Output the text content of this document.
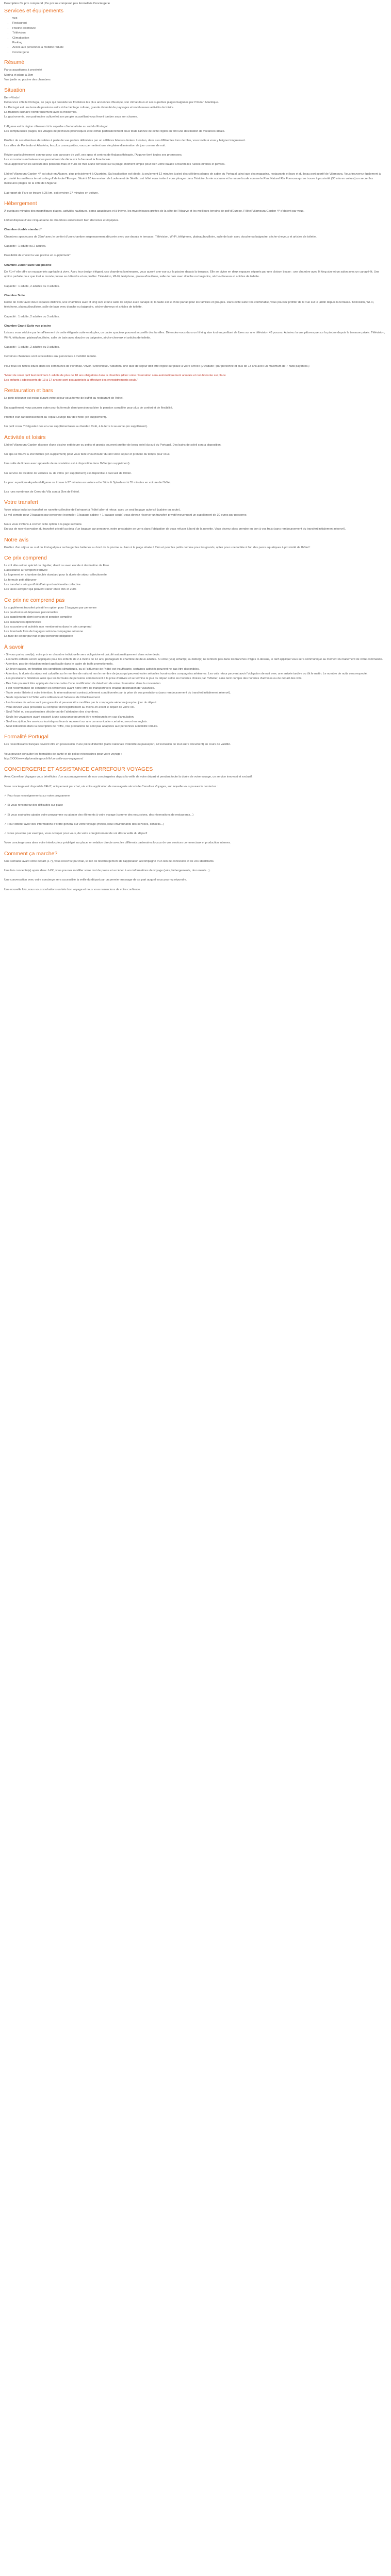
Description Ce prix comprend | Ce prix ne comprend pas Formalités Conciergerie
Services et équipements
• Wifi
• Restaurant
• Piscine extérieure
• Télévision
• Climatisation
• Parking
• Accès aux personnes à mobilité réduite
• Conciergerie
Résumé

Parcs aquatiques à proximité
Marina et plage à 2km
Vue jardin ou piscine des chambres

Situation

Bem-Vindo !
Découvrez côte le Portugal, ce pays qui possède les frontières les plus anciennes d'Europe, son climat doux et ses superbes plages baignées par l'Océan Atlantique.
Le Portugal est une terre de passions entre riche héritage culturel, grande diversité de paysages et nombreuses activités de loisirs.
La tradition culinaire nombreusement avec la modernité.
La gastronomie, son patrimoine culturel et son peuple accueillant vous feront tomber sous son charme.

L'Algarve est la région ciblesront à la superbe côte localisée au sud du Portugal.
Les somptueuses plages, les villages de pêcheurs pittoresques et le climat particulièrement doux toute l'année de cette région en font une destination de vacances idéale.

Profitez de ses étendues de sables à perte de vue parfois délimitées par un célèbres falaises dorées. L'océan, dans ses différentes tons de bleu, vous invite à vous y baigner longuement.
Les villes de Portimão et Albufeira, les plus cosmopolites, vous permettent une vie plaine d'animation de jour comme de nuit.

Région particulièrement connue pour son parcours de golf, ses spas et centres de thalassothérapie, l'Algarve tient toutes ses promesses.
Les excursions en bateau vous permettront de découvrir la faune et la flore locale.
Vous apprécierez les saveurs des poissons frais et fruits de mer à une terrasse sur la plage, moment simple pour bien votre balade à travers les ruelles étroites et pavées.

L'hôtel Vilamoura Garden 4* est situé en Algarve, plus précisément à Quarteira. Sa localisation est idéale, à seulement 12 minutes à pied des célèbres plages de sable du Portugal, ainsi que des magasins, restaurants et bars et du beau port sportif de Vilamoura. Vous trouverez également à proximité les meilleurs terrains de golf de toute l'Europe. Situé à 20 km environ de Loulene et de Séville, cet hôtel vous invite à vous plonger dans l'histoire, la vie nocturne et la nature locale comme le Parc Naturel Ria Formosa qui se trouve à proximité (30 min en voiture) un secret les meilleures plages de la côte de l'Algarve.

L'aéroport de Faro se trouve à 25 km, soit environ 27 minutes en voiture.

Hébergement

À quelques minutes des magnifiques plages, activités nautiques, parcs aquatiques et à thème, les mystérieuses grottes de la côte de l'Algarve et les meilleurs terrains de golf d'Europe, l'Hôtel Vilamoura Garden 4* s'obtient par vous.

L'hôtel dispose d'une cinquantaine de chambres entièrement bien décorées et équipées.

Chambre double standard*

Chambres spacieuses de 28m² avec le confort d'une chambre soigneusement décorée avec vue depuis le terrasse. Télévision, Wi-Fi, téléphone, plateau/bouilloire, salle de bain avec douche ou baignoire, sèche-cheveux et articles de toilette.

Capacité : 1 adulte ou 2 adultes.

Possibilité de choisir la vue piscine en supplément*

Chambre Junior Suite vue piscine

De 41m² elle offre un espace très agréable à vivre. Avec leur design élégant, ces chambres lumineuses, vous auront une vue sur la piscine depuis la terrasse. Elle se divise en deux espaces séparés par une cloison basse : une chambre avec lit king size et un salon avec un canapé-lit. Une option parfaite pour que tout le monde puisse se détendre et en profiter. Télévision, Wi-Fi, téléphone, plateau/bouilloire, salle de bain avec douche ou baignoire, sèche-cheveux et articles de toilette.

Capacité : 1 adulte, 2 adultes ou 3 adultes.

Chambre Suite

Dotée de 40m² avec deux espaces distincts, une chambres avec lit king size et une salle de séjour avec canapé-lit, la Suite est le choix parfait pour les familles et groupes. Dans cette suite très confortable, vous pourrez profiter de le vue sur le jardin depuis la terrasse. Télévision, Wi-Fi, téléphone, plateau/bouilloire, salle de bain avec douche ou baignoire, sèche-cheveux et articles de toilette.

Capacité : 1 adulte, 2 adultes ou 3 adultes.

Chambre Grand Suite vue piscine

Laissez vous séduire par le raffinement de cette élégante suite en duplex, un cadre spacieux pouvant accueillir des familles. Détendez-vous dans un lit king size tout en profitant de lbres sur une télévision 43 pouces. Admirez la vue pittoresque sur la piscine depuis la terrasse privée. Télévision, Wi-Fi, téléphone, plateau/bouilloire, salle de bain avec douche ou baignoire, sèche-cheveux et articles de toilette.

Capacité : 1 adulte, 2 adultes ou 3 adultes.

Certaines chambres sont accessibles aux personnes à mobilité réduite.

Pour tous les hôtels situés dans les communes de Portimao / Alvor / Monchique / Albufeira, une taxe de séjour doit etre réglée sur place à votre arrivée (2€/adulte ; par personne et plus de 13 ans avec un maximum de 7 nuits payantes.)

"Merci de noter qu'il faut minimum 1 adulte de plus de 18 ans obligatoire dans la chambre (donc votre réservation sera automatiquement annulée et non honorée sur place
Les enfants / adolescents de 13 à 17 ans ne sont pas autorisés à effectuer des enregistrements seuls."

Restauration et bars

Le petit-déjeuner est inclus durant votre séjour sous forme de buffet au restaurant de l'hôtel.

En supplément, vous pourrez opter pour la formule demi-pension ou bien la pension complète pour plus de confort et de flexibilité.

Profitez d'un rafraîchissement au Topaz Lounge Bar de l'hôtel (en supplément).

Un petit creux ? Dégustez des en-cas supplémentaires au Garden Café, à la terre à se-sortie (en supplément).

Activités et loisirs

L'hôtel Vilamoura Garden dispose d'une piscine extérieure ou petits et grands pourront profiter de beau soleil du sud du Portugal. Des bains de soleil sont à disposition.

Un spa se trouve à 150 mètres (en supplément) pour vous faire chouchouter durant votre séjour et prendre du temps pour vous.

Une salle de fitness avec appareils de musculation est à disposition dans l'hôtel (en supplément).

Un service de location de voitures ou de vélos (en supplément) est disponible à l'accueil de l'hôtel.

Le parc aquatique Aqualand Algarve se trouve à 27 minutes en voiture et le Slide & Splash est à 35 minutes en voiture de l'hôtel.

Les rues nombreux de Cerro da Vila sont à 2km de l'hôtel.

Votre transfert

Votre séjour inclut un transfert en navette collective de l'aéroport à l'hôtel aller et retour, avec un seul bagage autorisé (cabine ou soute).
Le vol compte pour 2 bagages par personne (exemple : 1 bagage cabine + 1 bagage soute) vous devrez réserver un transfert privatif moyennant un supplément de 30 euros par personne.

Nous vous invitons à cocher cette option à la page suivante.
En cas de non-réservation du transfert privatif au delà d'un bagage par personne, notre prestataire se verra dans l'obligation de vous refuser à bord de la navette. Vous devrez alors prendre en bon à vos frais (sans remboursement du transfert initialement réservé).

Notre avis

Profitez d'un séjour au sud du Portugal pour recharger les batteries au bord de la piscine ou bien à la plage située à 2km et pour les petits comme pour les grands, optez pour une tarifée à l'un des parcs aquatiques à proximité de l'hôtel !

Ce prix comprend

Le vol aller-retour spécial ou régulier, direct ou avec escale à destination de Faro
L'assistance à l'aéroport d'arrivée
Le logement en chambre double standard pour la durée de séjour sélectionnée
La formule petit déjeuner
Les transferts aéroport/hôtel/aéroport en Navette collective
Les taxes aéroport qui peuvent varier entre 30€ et 200€

Ce prix ne comprend pas

Le supplément transfert privatif en option pour 2 bagages par personne
Les pourboires et dépenses personnelles
Les suppléments demi-pension et pension complète
Les assurances optionnelles
Les excursions et activités non mentionnées dans le prix comprend
Les éventuels frais de bagages selon la compagnie aérienne
La taxe de séjour par nuit et par personne obligatoire

À savoir

- Si vous partez seul(e), votre prix en chambre individuelle sera obligatoire et calculé automatiquement dans votre devis.
- Les tarifs enfants seront appliqués pour les enfants de 2 à moins de 12 ans, partageant la chambre de deux adultes. Si votre (vos) enfant(s) ou bébé(s) ne rentrent pas dans les tranches d'âges ci-dessus, le tarif appliqué vous sera communiqué au moment du traitement de votre commande.
- Attention, pas de réduction enfant applicable dans le cadre de tarifs promotionnels.
- En hiver saison, en fonction des conditions climatiques, ou si l'affluence de l'hôtel est insuffisante, certaines activités peuvent ne pas être disponibles.
- Attention, la durée du séjour est calculée sur le nombre de nuits et non le nombre de jours qui peuvent varier selon les horaires des compagnies aériennes. Les vols retour peuvent avoir l'obligation de nuit avec une arrivée tardive ou tôt le matin. Le nombre de nuits sera respecté.
- Les prestations hôtelières ainsi que les formules de pensions commencent à la prise d'arrivée et se termine le jour du départ selon les horaires choisis par l'hôtelier, sans tenir compte des horaires d'arrivées ou de départ des vols.
- Des frais pourront être appliqués dans le cadre d'une modification de date/nom de votre réservation dans la convention.
- Il est recommandé de consulter les références avant notre offre de transport vers chaque destination de Vacances.
- Toute vente libérée à votre intention, la réservation est contractuellement conditionnée par la prise de vos prestations (sans remboursement du transfert initialement réservé).
- Seuls répondront à l'hôtel votre référence et l'adresse de l'établissement.
- Les horaires de vol ne sont pas garantis et peuvent être modifiés par la compagnie aérienne jusqu'au jour du départ.
- Vous devrez vous présenter au comptoir d'enregistrement au moins 2h avant le départ de votre vol.
- Seul l'hôtel ou ses partenaires décideront de l'attribution des chambres.
- Seuls les voyageurs ayant souscrit à une assurance pourront être remboursés en cas d'annulation.
- Seul inscription, les services touristiques fournis reposent sur une communication certaine, seront en anglais.
- Seul indications dans la description de l'offre, nos prestations ne sont pas adaptées aux personnes à mobilité réduite.

Formalité Portugal

Les ressortissants français devront être en possession d'une pièce d'identité (carte nationale d'identité ou passeport, à l'exclusion de tout autre document) en cours de validité.

Vous pouvez consulter les formalités de santé et de police nécessaires pour votre voyage :
http://XXX/www.diplomatie.gouv.fr/fr/conseils-aux-voyageurs/

CONCIERGERIE ET ASSISTANCE CARREFOUR VOYAGES

Avec Carrefour Voyages vous bénéficiez d'un accompagnement de nos conciergeries depuis la veille de votre départ et pendant toute la durée de votre voyage, un service innovant et exclusif.

Votre concierge est disponible 24h/7, uniquement par chat, via votre application de messagerie sécurisée Carrefour Voyages, sur laquelle vous pouvez le contacter :

✓ Pour tous renseignements sur votre programme

✓ Si vous rencontrez des difficultés sur place

✓ Si vous souhaitez ajouter votre programme ou ajouter des éléments à votre voyage (comme des excursions, des réservations de restaurants...)

✓ Pour obtenir avoir des informations d'ordre général sur votre voyage (météo, lieux environnants des services, conseils...)

✓ Nous pouvons par exemple, vous occuper pour vous, de votre enregistrement de vol dès la veille du départ!

Votre concierge sera alors votre interlocuteur privilégié sur place, en relation directe avec les différents partenaires locaux de vos services commerciaux et production internes.

Comment ça marche?

Une semaine avant votre départ (J-7), vous recevrez par mail, le lien de téléchargement de l'application accompagné d'un lien de connexion et de vos identifiants.

Une fois connecté(e) après deux J-XX, vous pourrez modifier votre mot de passe et accéder à vos informations de voyage (vols, hébergements, documents...).

Une conversation avec votre concierge sera accessible la veille du départ par un premier message de sa part auquel vous pourrez répondre.

Une nouvelle fois, nous vous souhaitons un très bon voyage et nous vous remercions de votre confiance.
